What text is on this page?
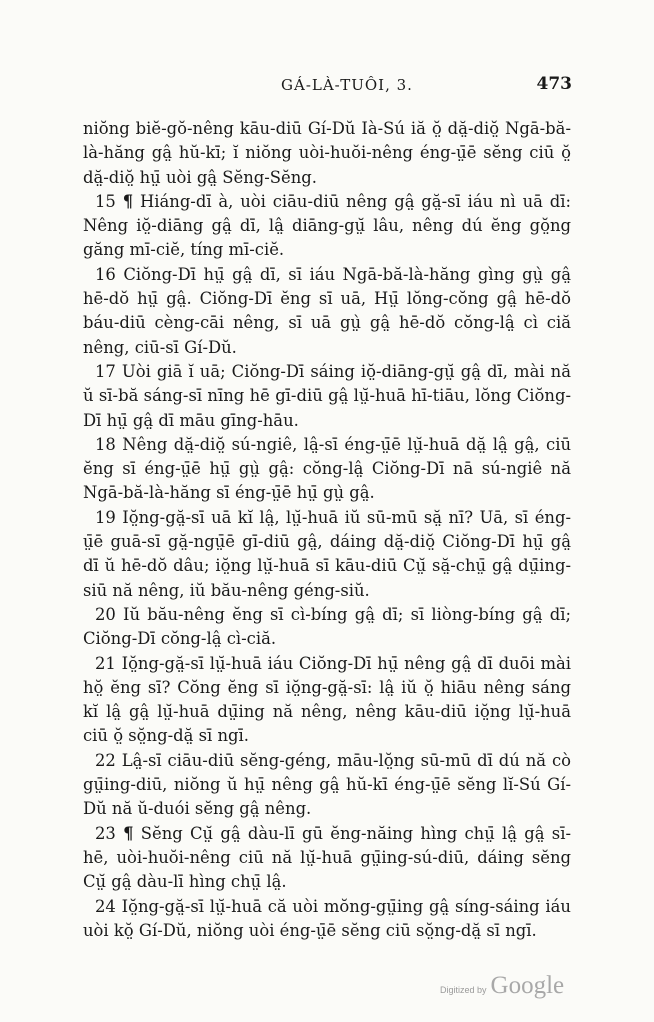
GÁ-LÀ-TUÔI, 3.	473

niŏng biĕ-gŏ-nêng kāu-diū Gí-Dŭ Ià-Sú iă ŏ̤ dă̤-diŏ̤ Ngā-bă-là-hăng gâ̤ hŭ-kī; ĭ niŏng uòi-huŏi-nêng éng-ṳ̄ē sĕng ciū ŏ̤ dă̤-diŏ̤ hṳ̄ uòi gâ̤ Sĕng-Sĕng.

15 ¶ Hiáng-dī à, uòi ciāu-diū nêng gâ̤ gă̤-sī iáu nì uā dī: Nêng iŏ̤-diāng gâ̤ dī, lâ̤ diāng-gṳ̆ lâu, nêng dú ĕng gŏ̤ng găng mī-ciĕ, tíng mī-ciĕ.

16 Ciŏng-Dī hṳ̄ gâ̤ dī, sī iáu Ngā-bă-là-hăng gìng gṳ̀ gâ̤ hē-dŏ hṳ̄ gâ̤. Ciŏng-Dī ĕng sī uā, Hṳ̄ lŏng-cŏng gâ̤ hē-dŏ báu-diū cèng-cāi nêng, sī uā gṳ̀ gâ̤ hē-dŏ cŏng-lâ̤ cì ciă nêng, ciū-sī Gí-Dŭ.

17 Uòi giā ĭ uā; Ciŏng-Dī sáing iŏ̤-diāng-gṳ̆ gâ̤ dī, mài nă ŭ sī-bă sáng-sī nīng hē gī-diū gâ̤ lṳ̆-huā hī-tiāu, lŏng Ciŏng-Dī hṳ̄ gâ̤ dī māu gīng-hāu.

18 Nêng dă̤-diŏ̤ sú-ngiê, lâ̤-sī éng-ṳ̄ē lṳ̆-huā dă̤ lâ̤ gâ̤, ciū ĕng sī éng-ṳ̄ē hṳ̄ gṳ̀ gâ̤: cŏng-lâ̤ Ciŏng-Dī nā sú-ngiê nă Ngā-bă-là-hăng sī éng-ṳ̄ē hṳ̄ gṳ̀ gâ̤.

19 Iŏ̤ng-gă̤-sī uā kĭ lâ̤, lṳ̆-huā iŭ sū-mū să̤ nī? Uā, sī éng-ṳ̄ē guā-sī gă̤-ngṳ̄ē gī-diū gâ̤, dáing dă̤-diŏ̤ Ciŏng-Dī hṳ̄ gâ̤ dī ŭ hē-dŏ dâu; iŏ̤ng lṳ̆-huā sī kāu-diū Cṳ̆ să̤-chṳ̄ gâ̤ dṳ̄ing-siū nă nêng, iŭ bău-nêng géng-siŭ.

20 Iŭ bău-nêng ĕng sī cì-bíng gâ̤ dī; sī liòng-bíng gâ̤ dī; Ciŏng-Dī cŏng-lâ̤ cì-ciă.

21 Iŏ̤ng-gă̤-sī lṳ̆-huā iáu Ciŏng-Dī hṳ̄ nêng gâ̤ dī duōi mài hŏ̤ ĕng sī? Cŏng ĕng sī iŏ̤ng-gă̤-sī: lâ̤ iŭ ŏ̤ hiāu nêng sáng kĭ lâ̤ gâ̤ lṳ̆-huā dṳ̄ing nă nêng, nêng kāu-diū iŏ̤ng lṳ̆-huā ciū ŏ̤ sŏ̤ng-dă̤ sī ngī.

22 Lâ̤-sī ciāu-diū sĕng-géng, māu-lŏ̤ng sū-mū dī dú nă cò gṳ̄ing-diū, niŏng ŭ hṳ̄ nêng gâ̤ hŭ-kī éng-ṳ̄ē sĕng lĭ-Sú Gí-Dŭ nă ŭ-duói sĕng gâ̤ nêng.

23 ¶ Sĕng Cṳ̆ gâ̤ dàu-lī gū ĕng-năing hìng chṳ̄ lâ̤ gâ̤ sī-hē, uòi-huŏi-nêng ciū nă lṳ̆-huā gṳ̄ing-sú-diū, dáing sĕng Cṳ̆ gâ̤ dàu-lī hìng chṳ̄ lâ̤.

24 Iŏ̤ng-gă̤-sī lṳ̆-huā că uòi mŏng-gṳ̄ing gâ̤ síng-sáing iáu uòi kŏ̤ Gí-Dŭ, niŏng uòi éng-ṳ̄ē sĕng ciū sŏ̤ng-dă̤ sī ngī.

Digitized by Google
